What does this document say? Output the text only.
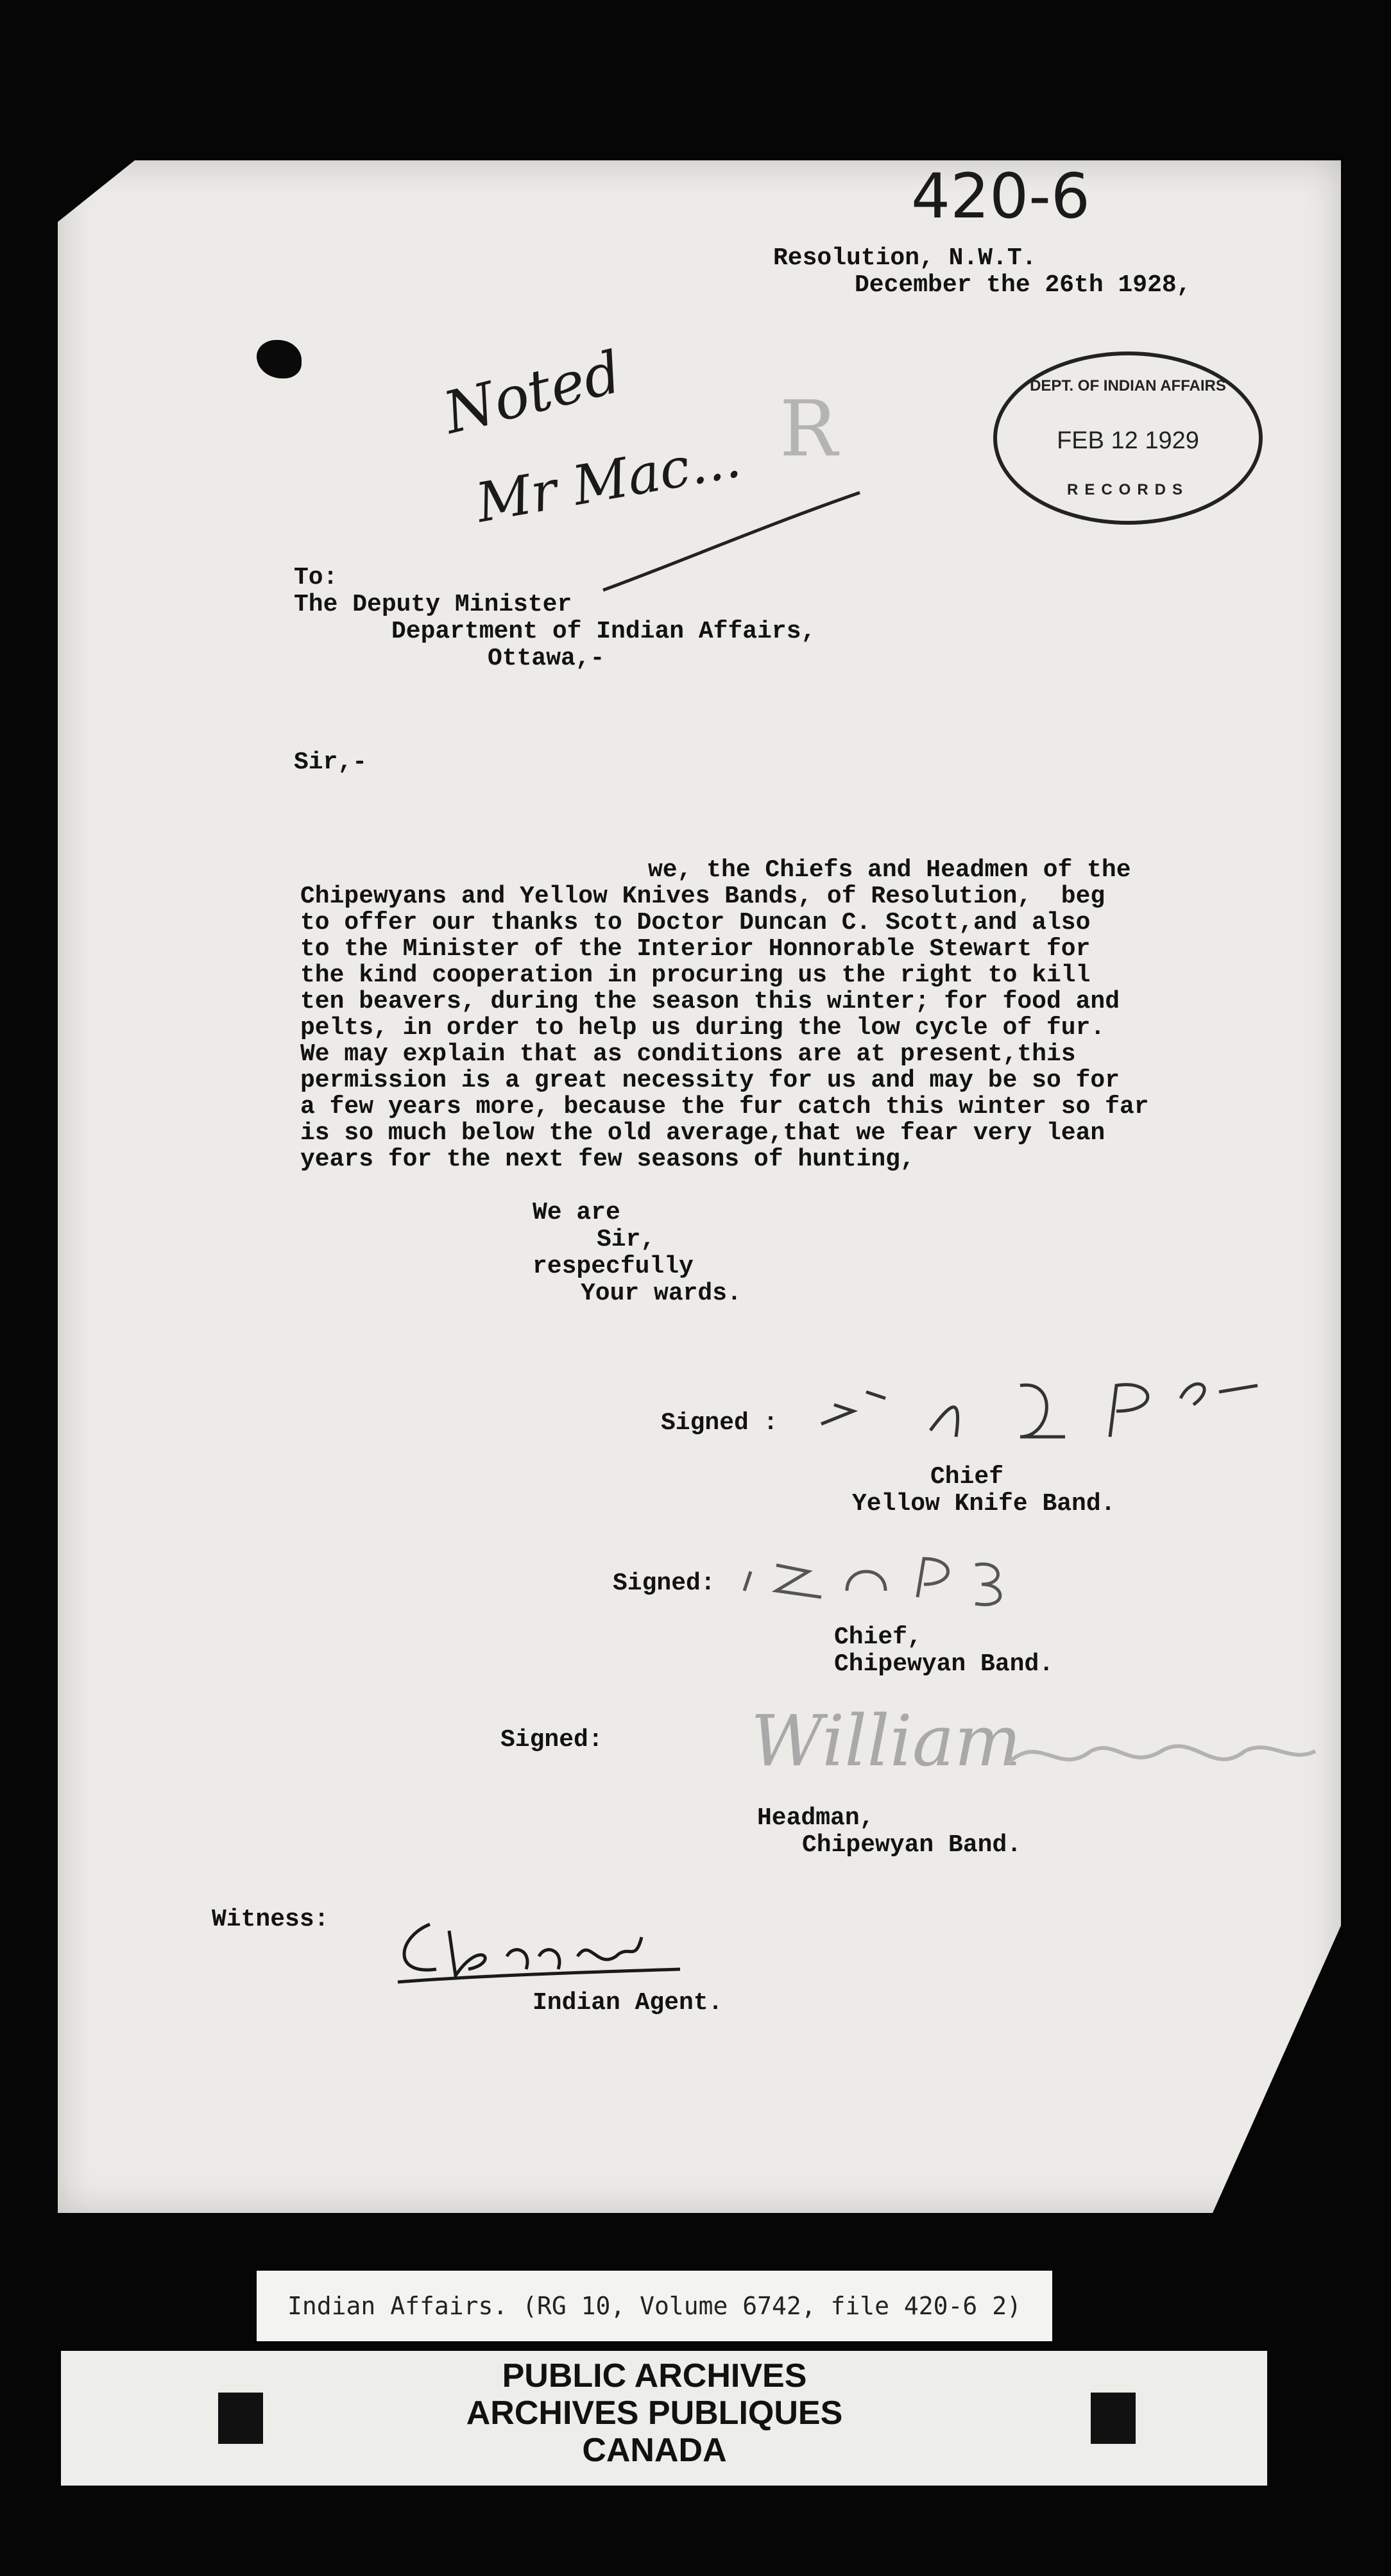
420-6
Resolution, N.W.T.
December the 26th 1928,
Noted
Mr Mac... R	DEPT. OF INDIAN AFFAIRS
FEB 12 1929
RECORDS
To:
The Deputy Minister
Department of Indian Affairs,
Ottawa,-
Sir,-
we, the Chiefs and Headmen of the
Chipewyans and Yellow Knives Bands, of Resolution,  beg
to offer our thanks to Doctor Duncan C. Scott,and also
to the Minister of the Interior Honnorable Stewart for
the kind cooperation in procuring us the right to kill
ten beavers, during the season this winter; for food and
pelts, in order to help us during the low cycle of fur.
We may explain that as conditions are at present,this
permission is a great necessity for us and may be so for
a few years more, because the fur catch this winter so far
is so much below the old average,that we fear very lean
years for the next few seasons of hunting,
We are
Sir,
respecfully
Your wards.
Signed :
Chief
Yellow Knife Band.
Signed:
Chief,
Chipewyan Band.
Signed: William
Headman,
Chipewyan Band.
Witness:
Indian Agent.
Indian Affairs. (RG 10, Volume 6742, file 420-6 2)
PUBLIC ARCHIVES
ARCHIVES PUBLIQUES
CANADA
